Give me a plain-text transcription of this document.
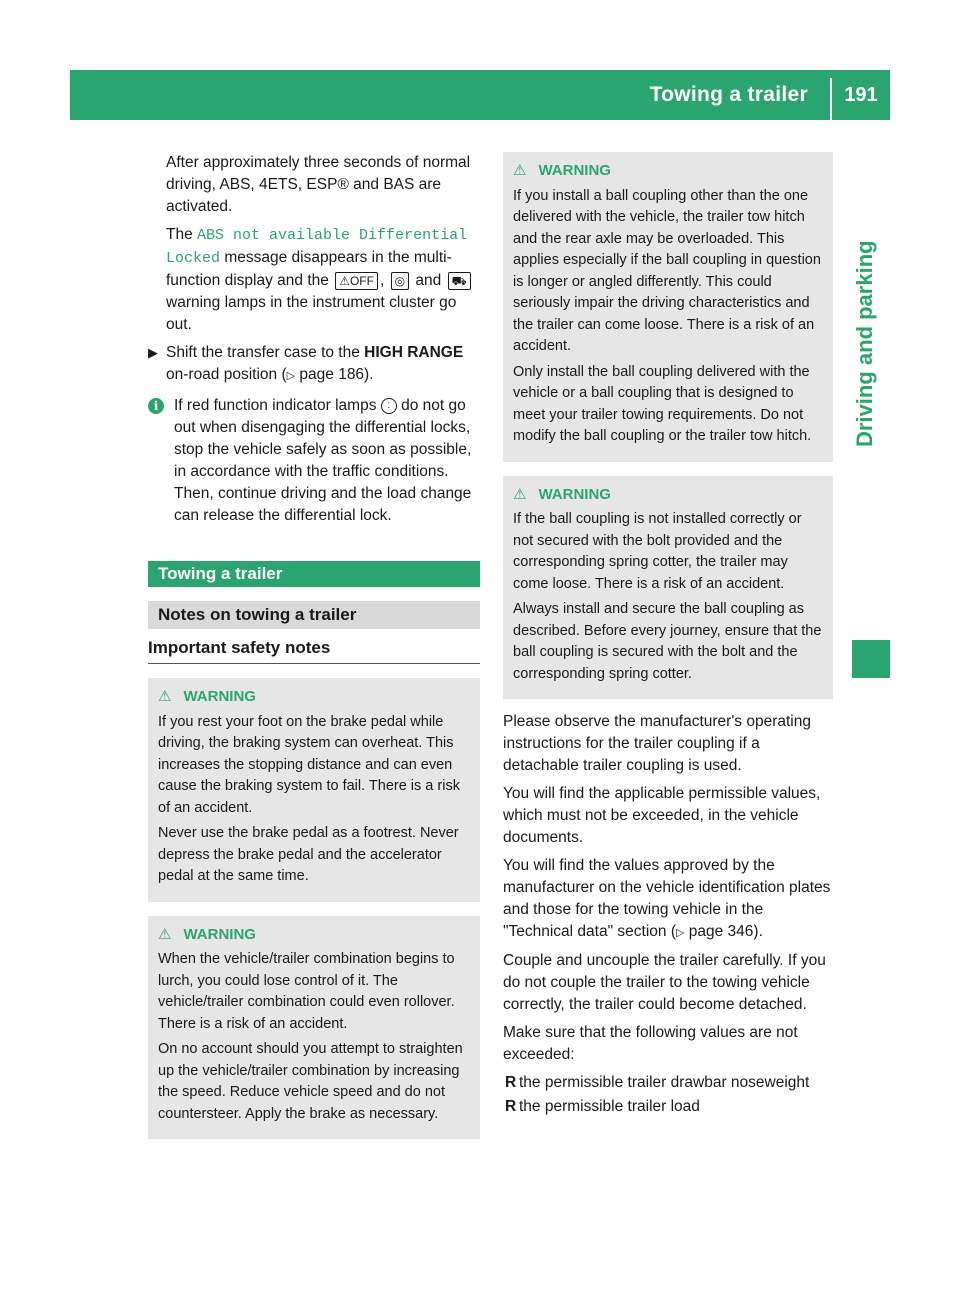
Towing a trailer	191
Driving and parking

After approximately three seconds of normal driving, ABS, 4ETS, ESP® and BAS are activated.

The ABS not available Differential Locked message disappears in the multi-function display and the ⚠OFF , ◎ and ⛟ warning lamps in the instrument cluster go out.

▶ Shift the transfer case to the HIGH RANGE on-road position (▷ page 186).

i	If red function indicator lamps : do not go out when disengaging the differential locks, stop the vehicle safely as soon as possible, in accordance with the traffic conditions. Then, continue driving and the load change can release the differential lock.

Towing a trailer
Notes on towing a trailer
Important safety notes
⚠ WARNING

If you rest your foot on the brake pedal while driving, the braking system can overheat. This increases the stopping distance and can even cause the braking system to fail. There is a risk of an accident.

Never use the brake pedal as a footrest. Never depress the brake pedal and the accelerator pedal at the same time.

⚠ WARNING

When the vehicle/trailer combination begins to lurch, you could lose control of it. The vehicle/trailer combination could even rollover. There is a risk of an accident.

On no account should you attempt to straighten up the vehicle/trailer combination by increasing the speed. Reduce vehicle speed and do not countersteer. Apply the brake as necessary.

⚠ WARNING

If you install a ball coupling other than the one delivered with the vehicle, the trailer tow hitch and the rear axle may be overloaded. This applies especially if the ball coupling in question is longer or angled differently. This could seriously impair the driving characteristics and the trailer can come loose. There is a risk of an accident.

Only install the ball coupling delivered with the vehicle or a ball coupling that is designed to meet your trailer towing requirements. Do not modify the ball coupling or the trailer tow hitch.

⚠ WARNING

If the ball coupling is not installed correctly or not secured with the bolt provided and the corresponding spring cotter, the trailer may come loose. There is a risk of an accident.

Always install and secure the ball coupling as described. Before every journey, ensure that the ball coupling is secured with the bolt and the corresponding spring cotter.

Please observe the manufacturer's operating instructions for the trailer coupling if a detachable trailer coupling is used.

You will find the applicable permissible values, which must not be exceeded, in the vehicle documents.

You will find the values approved by the manufacturer on the vehicle identification plates and those for the towing vehicle in the "Technical data" section (▷ page 346).

Couple and uncouple the trailer carefully. If you do not couple the trailer to the towing vehicle correctly, the trailer could become detached.

Make sure that the following values are not exceeded:

R the permissible trailer drawbar noseweight

R the permissible trailer load
